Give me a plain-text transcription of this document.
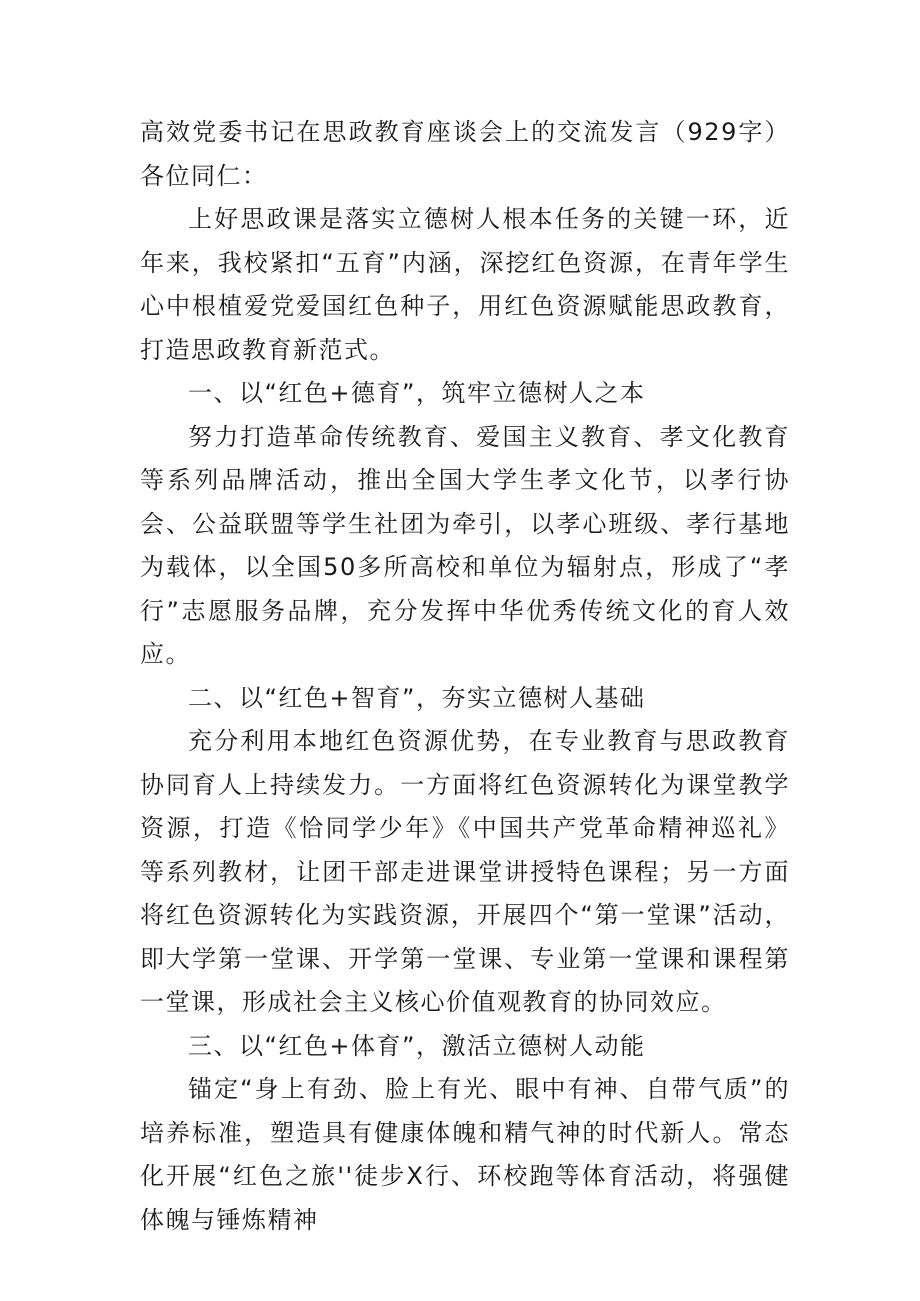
高效党委书记在思政教育座谈会上的交流发言（929字）各位同仁：

上好思政课是落实立德树人根本任务的关键一环，近年来，我校紧扣“五育”内涵，深挖红色资源，在青年学生心中根植爱党爱国红色种子，用红色资源赋能思政教育，打造思政教育新范式。

一、以“红色+德育”，筑牢立德树人之本

努力打造革命传统教育、爱国主义教育、孝文化教育等系列品牌活动，推出全国大学生孝文化节，以孝行协会、公益联盟等学生社团为牵引，以孝心班级、孝行基地为载体，以全国50多所高校和单位为辐射点，形成了“孝行”志愿服务品牌，充分发挥中华优秀传统文化的育人效应。

二、以“红色+智育”，夯实立德树人基础

充分利用本地红色资源优势，在专业教育与思政教育协同育人上持续发力。一方面将红色资源转化为课堂教学资源，打造《恰同学少年》《中国共产党革命精神巡礼》等系列教材，让团干部走进课堂讲授特色课程；另一方面将红色资源转化为实践资源，开展四个“第一堂课”活动，即大学第一堂课、开学第一堂课、专业第一堂课和课程第一堂课，形成社会主义核心价值观教育的协同效应。

三、以“红色+体育”，激活立德树人动能

锚定“身上有劲、脸上有光、眼中有神、自带气质”的培养标准，塑造具有健康体魄和精气神的时代新人。常态化开展“红色之旅''徒步X行、环校跑等体育活动，将强健体魄与锤炼精神
